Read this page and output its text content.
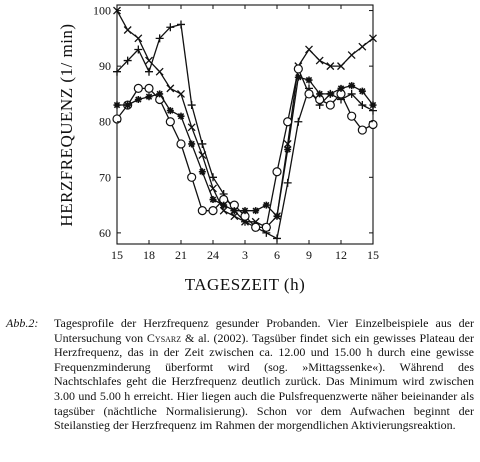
60
70
80
90
100
15 18 21 24 3 6 9 12 15
HERZFREQUENZ (1/ min)
TAGESZEIT (h)
Abb.2:	Tagesprofile der Herzfrequenz gesunder Probanden. Vier Einzelbeispiele aus der Untersuchung von Cysarz & al. (2002). Tagsüber findet sich ein gewisses Plateau der Herzfrequenz, das in der Zeit zwischen ca. 12.00 und 15.00 h durch eine gewisse Frequenzminderung überformt wird (sog. »Mittagssenke«). Während des Nachtschlafes geht die Herzfrequenz deutlich zurück. Das Minimum wird zwischen 3.00 und 5.00 h erreicht. Hier liegen auch die Pulsfrequenzwerte näher beieinander als tagsüber (nächtliche Normalisierung). Schon vor dem Aufwachen beginnt der Steilanstieg der Herzfrequenz im Rahmen der morgendlichen Aktivierungsreaktion.
